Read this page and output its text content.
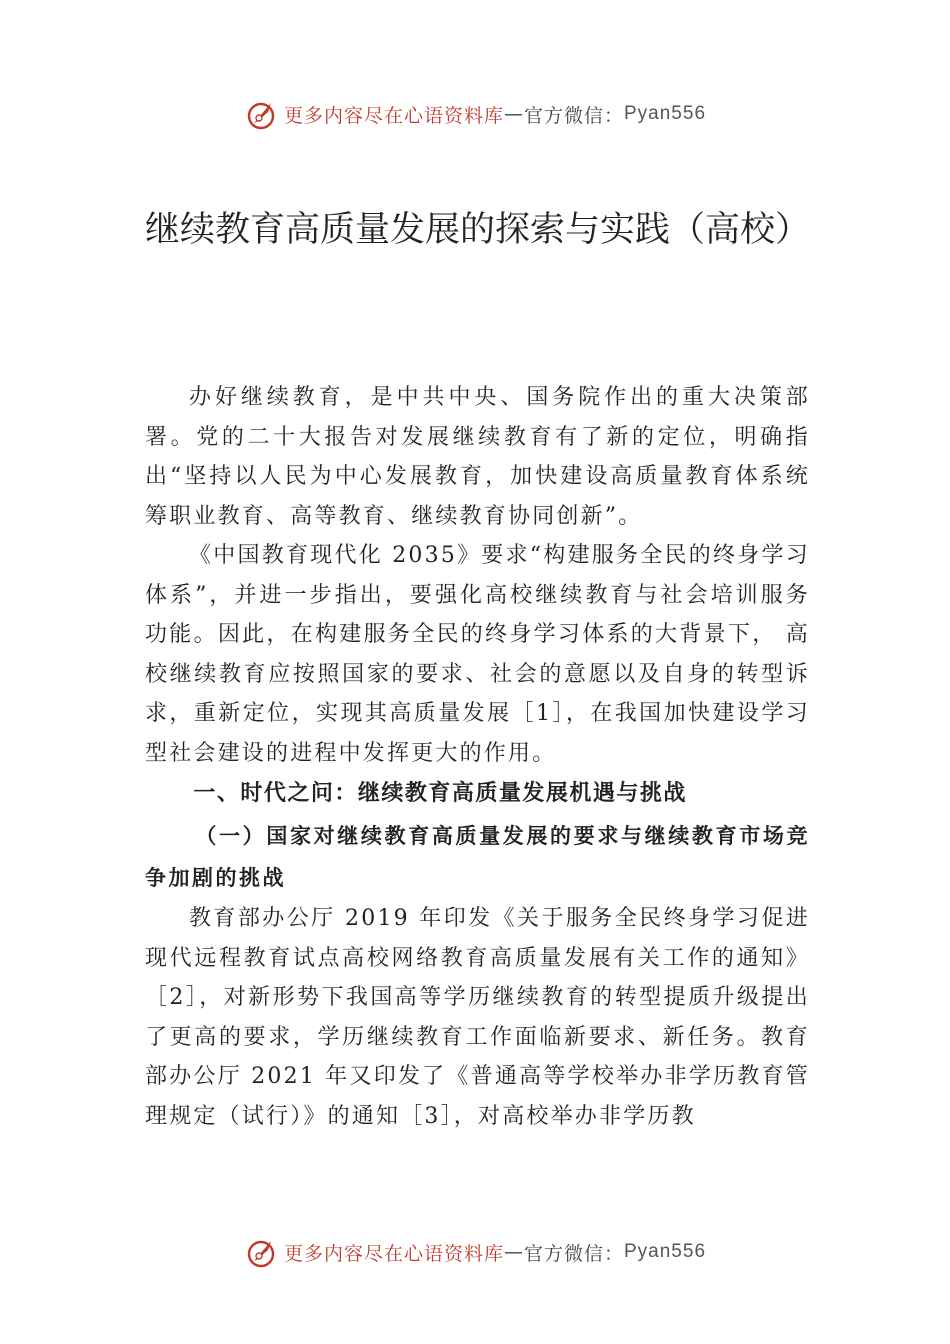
更多内容尽在心语资料库 — 官方微信： Pyan556
继续教育高质量发展的探索与实践（高校）

办好继续教育，是中共中央、国务院作出的重大决策部署。党的二十大报告对发展继续教育有了新的定位，明确指出“坚持以人民为中心发展教育，加快建设高质量教育体系统筹职业教育、高等教育、继续教育协同创新”。

《中国教育现代化 2035》要求“构建服务全民的终身学习体系”，并进一步指出，要强化高校继续教育与社会培训服务功能。因此，在构建服务全民的终身学习体系的大背景下， 高校继续教育应按照国家的要求、社会的意愿以及自身的转型诉求，重新定位，实现其高质量发展［1］，在我国加快建设学习型社会建设的进程中发挥更大的作用。

一、时代之问：继续教育高质量发展机遇与挑战

（一）国家对继续教育高质量发展的要求与继续教育市场竞争加剧的挑战

教育部办公厅 2019 年印发《关于服务全民终身学习促进现代远程教育试点高校网络教育高质量发展有关工作的通知》［2］，对新形势下我国高等学历继续教育的转型提质升级提出了更高的要求，学历继续教育工作面临新要求、新任务。教育部办公厅 2021 年又印发了《普通高等学校举办非学历教育管理规定（试行）》的通知［3］，对高校举办非学历教

更多内容尽在心语资料库 — 官方微信： Pyan556
